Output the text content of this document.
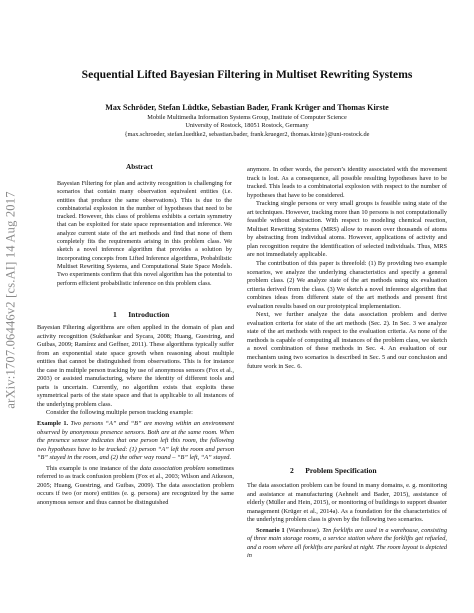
arXiv:1707.06446v2 [cs.AI] 14 Aug 2017
Sequential Lifted Bayesian Filtering in Multiset Rewriting Systems
Max Schröder, Stefan Lüdtke, Sebastian Bader, Frank Krüger and Thomas Kirste
Mobile Multimedia Information Systems Group, Institute of Computer Science
University of Rostock, 18051 Rostock, Germany
{max.schroeder, stefan.luedtke2, sebastian.bader, frank.krueger2, thomas.kirste}@uni-rostock.de
Abstract

Bayesian Filtering for plan and activity recognition is challenging for scenarios that contain many observation equivalent entities (i.e. entities that produce the same observations). This is due to the combinatorial explosion in the number of hypotheses that need to be tracked. However, this class of problems exhibits a certain symmetry that can be exploited for state space representation and inference. We analyze current state of the art methods and find that none of them completely fits the requirements arising in this problem class. We sketch a novel inference algorithm that provides a solution by incorporating concepts from Lifted Inference algorithms, Probabilistic Multiset Rewriting Systems, and Computational State Space Models. Two experiments confirm that this novel algorithm has the potential to perform efficient probabilistic inference on this problem class.

1      Introduction

Bayesian Filtering algorithms are often applied in the domain of plan and activity recognition (Sukthankar and Sycara, 2008; Huang, Guestring, and Guibas, 2009; Ramírez and Geffner, 2011). These algorithms typically suffer from an exponential state space growth when reasoning about multiple entities that cannot be distinguished from observations. This is for instance the case in multiple person tracking by use of anonymous sensors (Fox et al., 2003) or assisted manufacturing, where the identity of different tools and parts is uncertain. Currently, no algorithm exists that exploits these symmetrical parts of the state space and that is applicable to all instances of the underlying problem class.

Consider the following multiple person tracking example:

Example 1. Two persons “A” and “B” are moving within an environment observed by anonymous presence sensors. Both are at the same room. When the presence sensor indicates that one person left this room, the following two hypotheses have to be tracked: (1) person “A” left the room and person “B” stayed in the room, and (2) the other way round – “B” left, “A” stayed.

This example is one instance of the data association problem sometimes referred to as track confusion problem (Fox et al., 2003; Wilson and Atkeson, 2005; Huang, Guestring, and Guibas, 2009). The data association problem occurs if two (or more) entities (e. g. persons) are recognized by the same anonymous sensor and thus cannot be distinguished

anymore. In other words, the person’s identity associated with the movement track is lost. As a consequence, all possible resulting hypotheses have to be tracked. This leads to a combinatorial explosion with respect to the number of hypotheses that have to be considered.

Tracking single persons or very small groups is feasible using state of the art techniques. However, tracking more than 10 persons is not computationally feasible without abstraction. With respect to modeling chemical reaction, Multiset Rewriting Systems (MRS) allow to reason over thousands of atoms by abstracting from individual atoms. However, applications of activity and plan recognition require the identification of selected individuals. Thus, MRS are not immediately applicable.

The contribution of this paper is threefold: (1) By providing two example scenarios, we analyze the underlying characteristics and specify a general problem class. (2) We analyze state of the art methods using six evaluation criteria derived from the class. (3) We sketch a novel inference algorithm that combines ideas from different state of the art methods and present first evaluation results based on our prototypical implementation.

Next, we further analyze the data association problem and derive evaluation criteria for state of the art methods (Sec. 2). In Sec. 3 we analyze state of the art methods with respect to the evaluation criteria. As none of the methods is capable of computing all instances of the problem class, we sketch a novel combination of these methods in Sec. 4. An evaluation of our mechanism using two scenarios is described in Sec. 5 and our conclusion and future work in Sec. 6.

2      Problem Specification

The data association problem can be found in many domains, e. g. monitoring and assistance at manufacturing (Aehnelt and Bader, 2015), assistance of elderly (Müller and Hein, 2015), or monitoring of buildings to support disaster management (Krüger et al., 2014a). As a foundation for the characteristics of the underlying problem class is given by the following two scenarios.

Scenario 1 (Warehouse). Ten forklifts are used in a warehouse, consisting of three main storage rooms, a service station where the forklifts get refueled, and a room where all forklifts are parked at night. The room layout is depicted in
